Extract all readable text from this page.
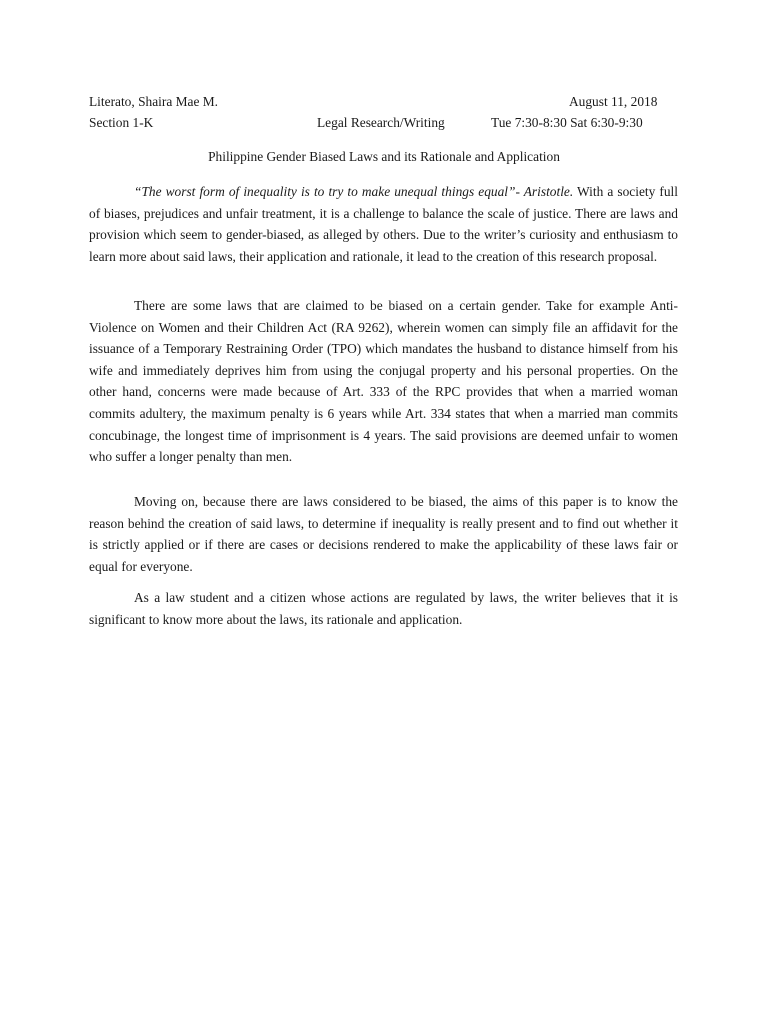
Literato, Shaira Mae M.	August 11, 2018
Section 1-K	Legal Research/Writing	Tue 7:30-8:30 Sat 6:30-9:30
Philippine Gender Biased Laws and its Rationale and Application

“The worst form of inequality is to try to make unequal things equal”- Aristotle. With a society full of biases, prejudices and unfair treatment, it is a challenge to balance the scale of justice. There are laws and provision which seem to gender-biased, as alleged by others. Due to the writer’s curiosity and enthusiasm to learn more about said laws, their application and rationale, it lead to the creation of this research proposal.

There are some laws that are claimed to be biased on a certain gender. Take for example Anti-Violence on Women and their Children Act (RA 9262), wherein women can simply file an affidavit for the issuance of a Temporary Restraining Order (TPO) which mandates the husband to distance himself from his wife and immediately deprives him from using the conjugal property and his personal properties. On the other hand, concerns were made because of Art. 333 of the RPC provides that when a married woman commits adultery, the maximum penalty is 6 years while Art. 334 states that when a married man commits concubinage, the longest time of imprisonment is 4 years. The said provisions are deemed unfair to women who suffer a longer penalty than men.

Moving on, because there are laws considered to be biased, the aims of this paper is to know the reason behind the creation of said laws, to determine if inequality is really present and to find out whether it is strictly applied or if there are cases or decisions rendered to make the applicability of these laws fair or equal for everyone.

As a law student and a citizen whose actions are regulated by laws, the writer believes that it is significant to know more about the laws, its rationale and application.
